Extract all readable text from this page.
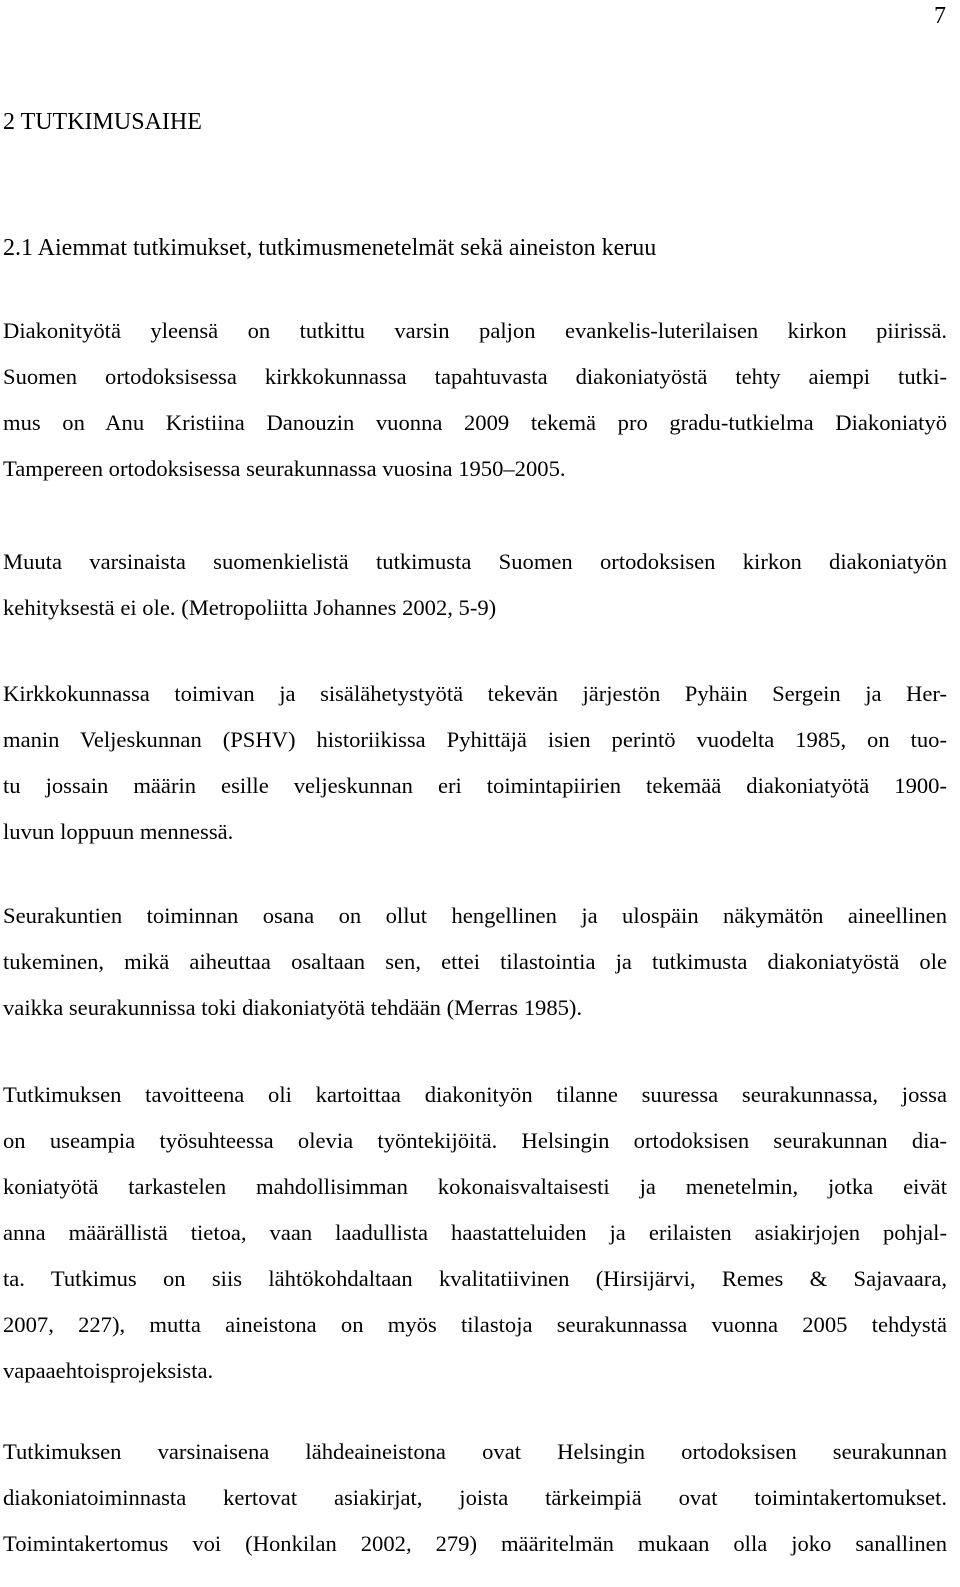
7
2 TUTKIMUSAIHE
2.1 Aiemmat tutkimukset, tutkimusmenetelmät sekä aineiston keruu

Diakonityötä yleensä on tutkittu varsin paljon evankelis-luterilaisen kirkon piirissä.
Suomen ortodoksisessa kirkkokunnassa tapahtuvasta diakoniatyöstä tehty aiempi tutki-
mus on Anu Kristiina Danouzin vuonna 2009 tekemä pro gradu-tutkielma Diakoniatyö
Tampereen ortodoksisessa seurakunnassa vuosina 1950–2005.

Muuta varsinaista suomenkielistä tutkimusta Suomen ortodoksisen kirkon diakoniatyön
kehityksestä ei ole. (Metropoliitta Johannes 2002, 5-9)

Kirkkokunnassa toimivan ja sisälähetystyötä tekevän järjestön Pyhäin Sergein ja Her-
manin Veljeskunnan (PSHV) historiikissa Pyhittäjä isien perintö vuodelta 1985, on tuo-
tu jossain määrin esille veljeskunnan eri toimintapiirien tekemää diakoniatyötä 1900-
luvun loppuun mennessä.

Seurakuntien toiminnan osana on ollut hengellinen ja ulospäin näkymätön aineellinen
tukeminen, mikä aiheuttaa osaltaan sen, ettei tilastointia ja tutkimusta diakoniatyöstä ole
vaikka seurakunnissa toki diakoniatyötä tehdään (Merras 1985).

Tutkimuksen tavoitteena oli kartoittaa diakonityön tilanne suuressa seurakunnassa, jossa
on useampia työsuhteessa olevia työntekijöitä. Helsingin ortodoksisen seurakunnan dia-
koniatyötä tarkastelen mahdollisimman kokonaisvaltaisesti ja menetelmin, jotka eivät
anna määrällistä tietoa, vaan laadullista haastatteluiden ja erilaisten asiakirjojen pohjal-
ta. Tutkimus on siis lähtökohdaltaan kvalitatiivinen (Hirsijärvi, Remes & Sajavaara,
2007, 227), mutta aineistona on myös tilastoja seurakunnassa vuonna 2005 tehdystä
vapaaehtoisprojeksista.

Tutkimuksen varsinaisena lähdeaineistona ovat Helsingin ortodoksisen seurakunnan
diakoniatoiminnasta kertovat asiakirjat, joista tärkeimpiä ovat toimintakertomukset.
Toimintakertomus voi (Honkilan 2002, 279) määritelmän mukaan olla joko sanallinen
